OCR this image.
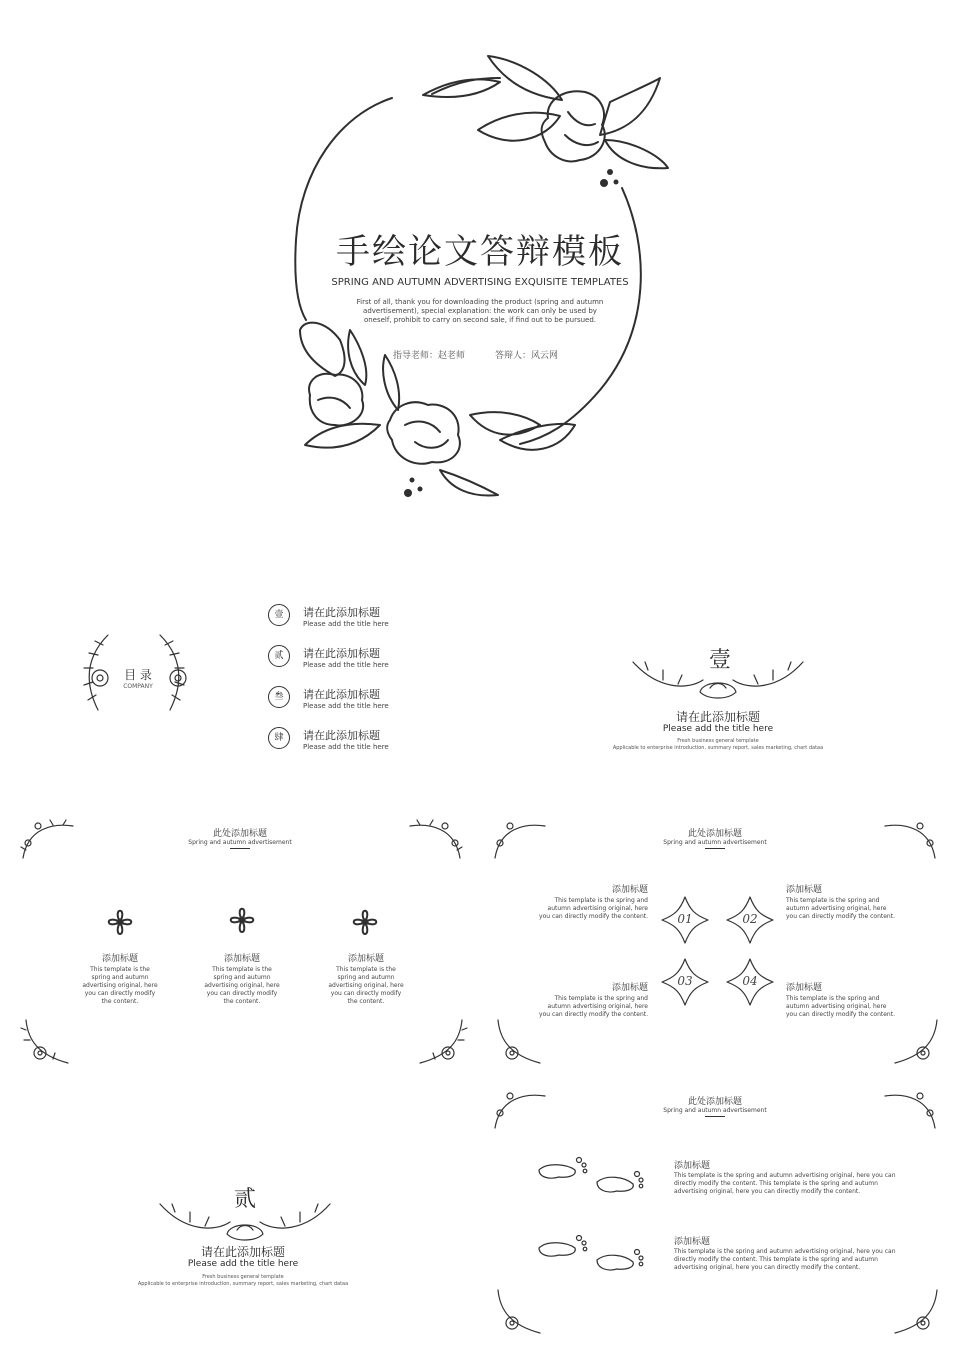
手绘论文答辩模板
SPRING AND AUTUMN ADVERTISING EXQUISITE TEMPLATES
First of all, thank you for downloading the product (spring and autumn advertisement), special explanation: the work can only be used by oneself, prohibit to carry on second sale, if find out to be pursued.
指导老师：赵老师	答辩人：风云网
目 录
COMPANY
壹	请在此添加标题
Please add the title here
贰	请在此添加标题
Please add the title here
叁	请在此添加标题
Please add the title here
肆	请在此添加标题
Please add the title here
壹
请在此添加标题
Please add the title here
Fresh business general template
Applicable to enterprise introduction, summary report, sales marketing, chart dataa
此处添加标题
Spring and autumn advertisement
添加标题
This template is the spring and autumn advertising original, here you can directly modify the content.
添加标题
This template is the spring and autumn advertising original, here you can directly modify the content.
添加标题
This template is the spring and autumn advertising original, here you can directly modify the content.
此处添加标题
Spring and autumn advertisement
01	02
03	04
添加标题
This template is the spring and autumn advertising original, here you can directly modify the content.
添加标题
This template is the spring and autumn advertising original, here you can directly modify the content.
添加标题
This template is the spring and autumn advertising original, here you can directly modify the content.
添加标题
This template is the spring and autumn advertising original, here you can directly modify the content.
贰
请在此添加标题
Please add the title here
Fresh business general template
Applicable to enterprise introduction, summary report, sales marketing, chart dataa
此处添加标题
Spring and autumn advertisement
添加标题
This template is the spring and autumn advertising original, here you can directly modify the content. This template is the spring and autumn advertising original, here you can directly modify the content.
添加标题
This template is the spring and autumn advertising original, here you can directly modify the content. This template is the spring and autumn advertising original, here you can directly modify the content.
